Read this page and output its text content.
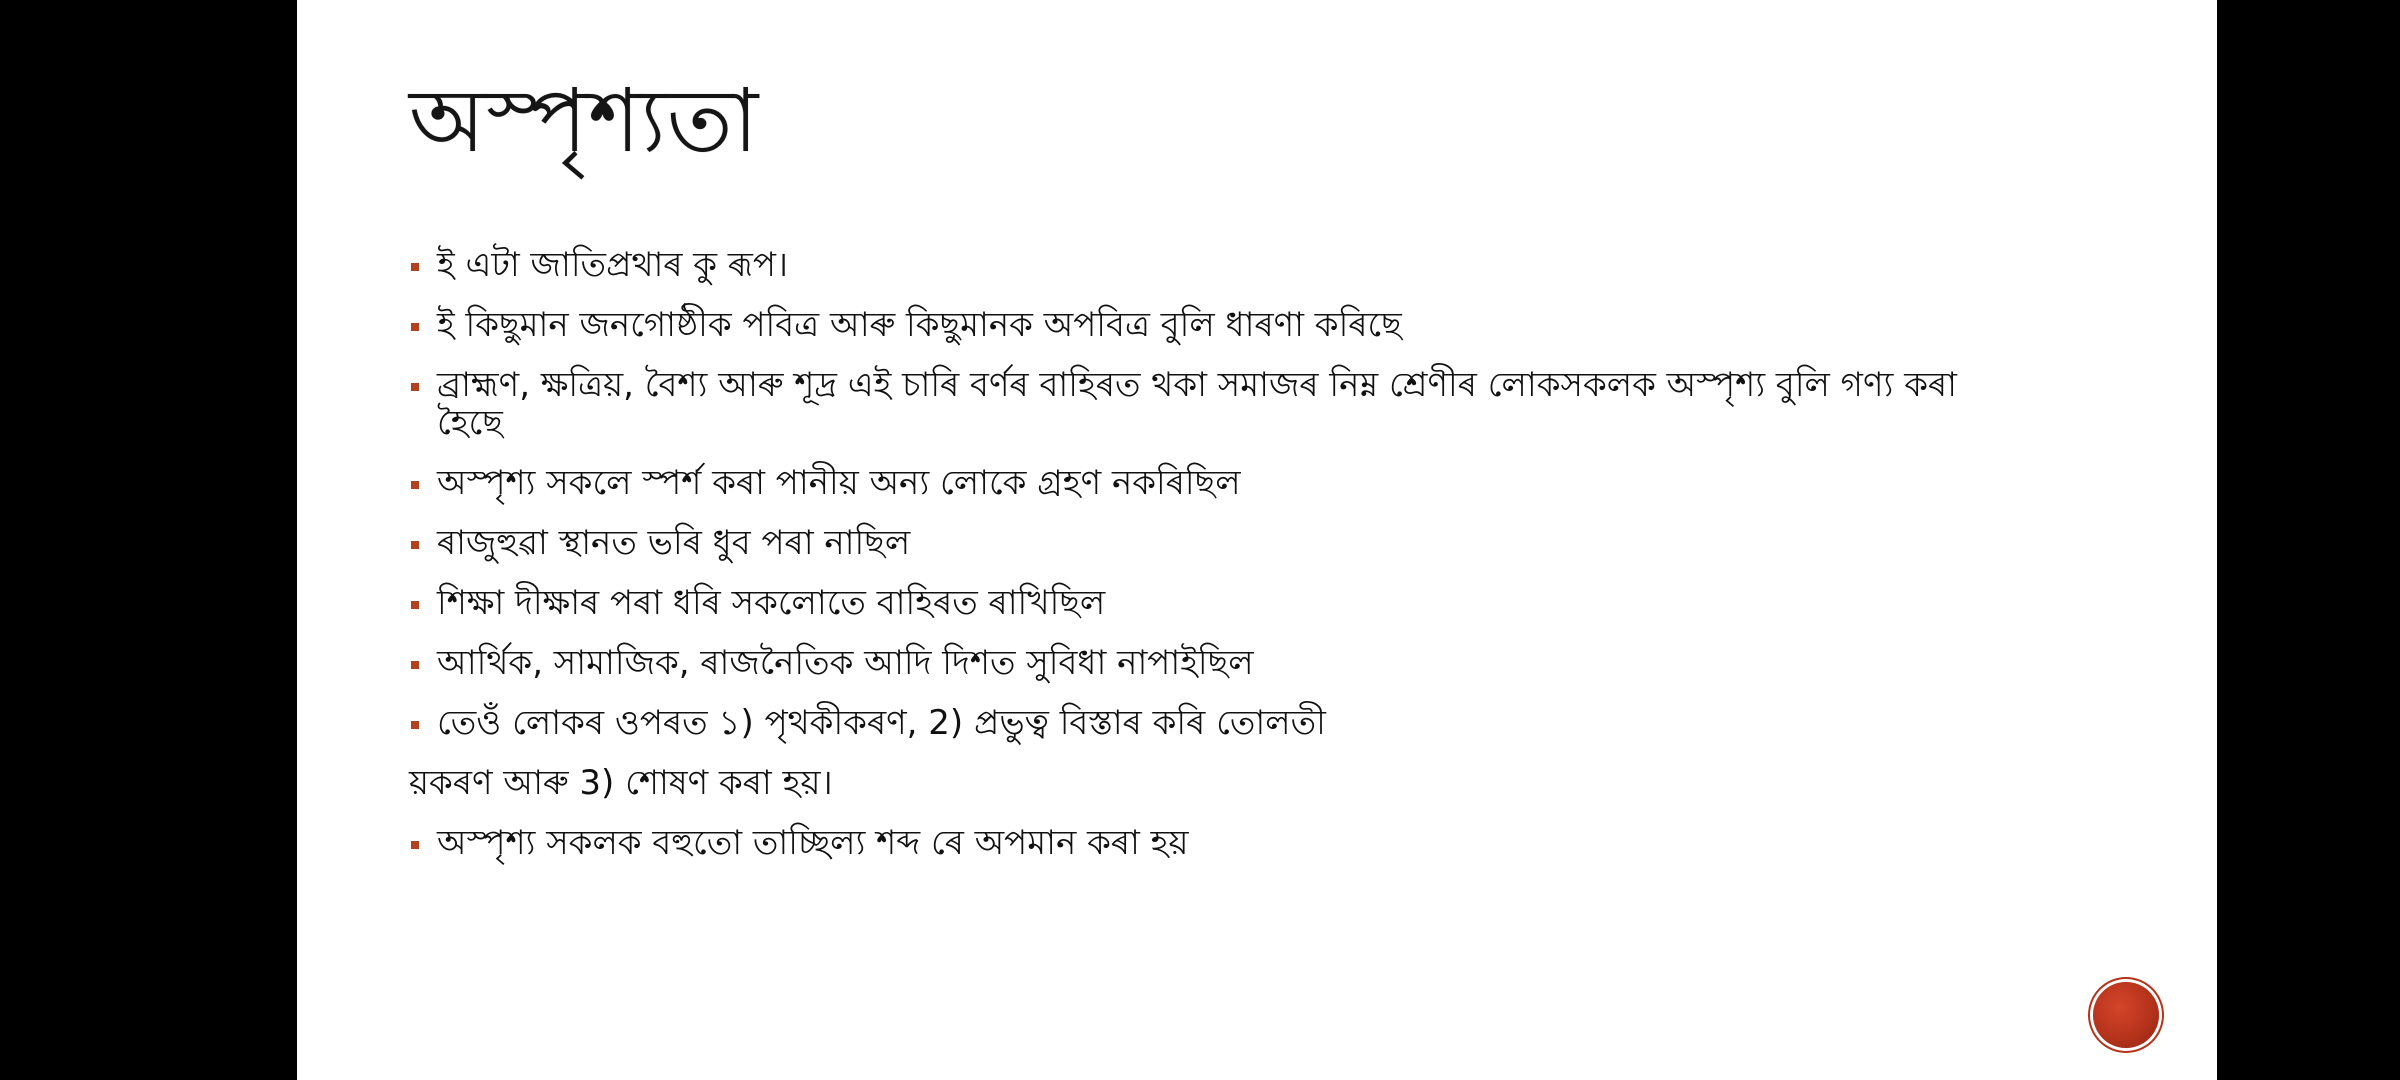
অস্পৃশ্যতা
ই এটা জাতিপ্ৰথাৰ কু ৰূপ।
ই কিছুমান জনগোষ্ঠীক পবিত্ৰ আৰু কিছুমানক অপবিত্ৰ বুলি ধাৰণা কৰিছে
ব্ৰাহ্মণ, ক্ষত্ৰিয়, বৈশ্য আৰু শূদ্ৰ এই চাৰি বৰ্ণৰ বাহিৰত থকা সমাজৰ নিম্ন শ্ৰেণীৰ লোকসকলক অস্পৃশ্য বুলি গণ্য কৰা হৈছে
অস্পৃশ্য সকলে স্পৰ্শ কৰা পানীয় অন্য লোকে গ্ৰহণ নকৰিছিল
ৰাজুহুৱা স্থানত ভৰি ধুব পৰা নাছিল
শিক্ষা দীক্ষাৰ পৰা ধৰি সকলোতে বাহিৰত ৰাখিছিল
আৰ্থিক, সামাজিক, ৰাজনৈতিক আদি দিশত সুবিধা নাপাইছিল
তেওঁ লোকৰ ওপৰত ১) পৃথকীকৰণ, 2) প্ৰভুত্ব বিস্তাৰ কৰি তোলতী
য়কৰণ আৰু 3) শোষণ কৰা হয়।
অস্পৃশ্য সকলক বহুতো তাচ্ছিল্য শব্দ ৰে অপমান কৰা হয়
